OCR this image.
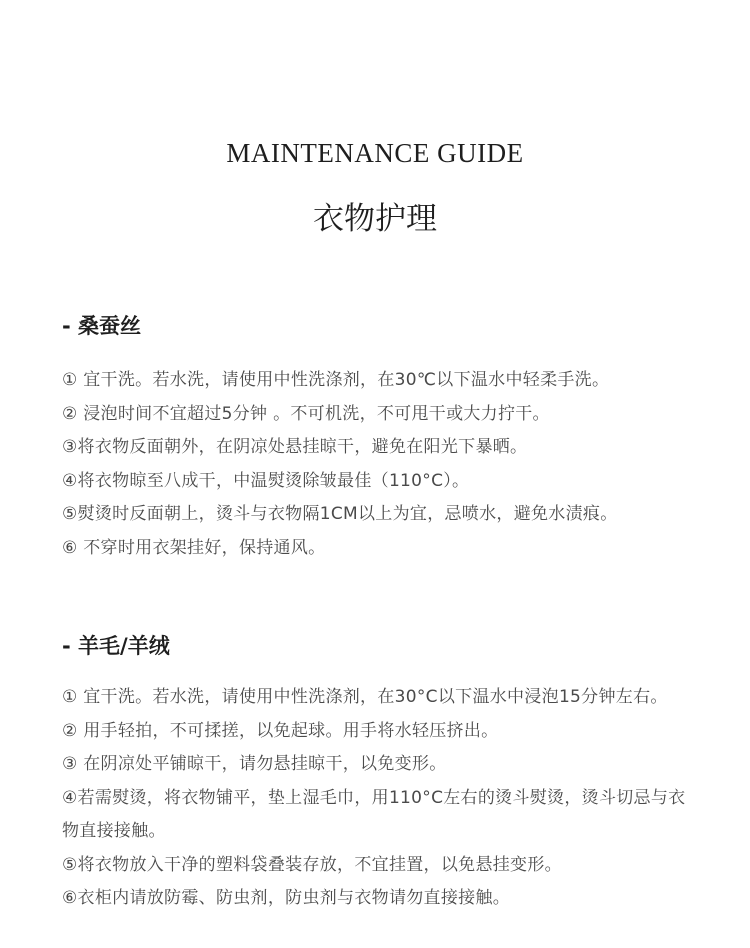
MAINTENANCE GUIDE
衣物护理
- 桑蚕丝
① 宜干洗。若水洗，请使用中性洗涤剂，在30℃以下温水中轻柔手洗。
② 浸泡时间不宜超过5分钟 。不可机洗，不可甩干或大力拧干。
③将衣物反面朝外，在阴凉处悬挂晾干，避免在阳光下暴晒。
④将衣物晾至八成干，中温熨烫除皱最佳（110°C）。
⑤熨烫时反面朝上，烫斗与衣物隔1CM以上为宜，忌喷水，避免水渍痕。
⑥ 不穿时用衣架挂好，保持通风。
- 羊毛/羊绒
① 宜干洗。若水洗，请使用中性洗涤剂，在30°C以下温水中浸泡15分钟左右。
② 用手轻拍，不可揉搓，以免起球。用手将水轻压挤出。
③ 在阴凉处平铺晾干，请勿悬挂晾干，以免变形。
④若需熨烫，将衣物铺平，垫上湿毛巾，用110°C左右的烫斗熨烫，烫斗切忌与衣物直接接触。
⑤将衣物放入干净的塑料袋叠装存放，不宜挂置，以免悬挂变形。
⑥衣柜内请放防霉、防虫剂，防虫剂与衣物请勿直接接触。
